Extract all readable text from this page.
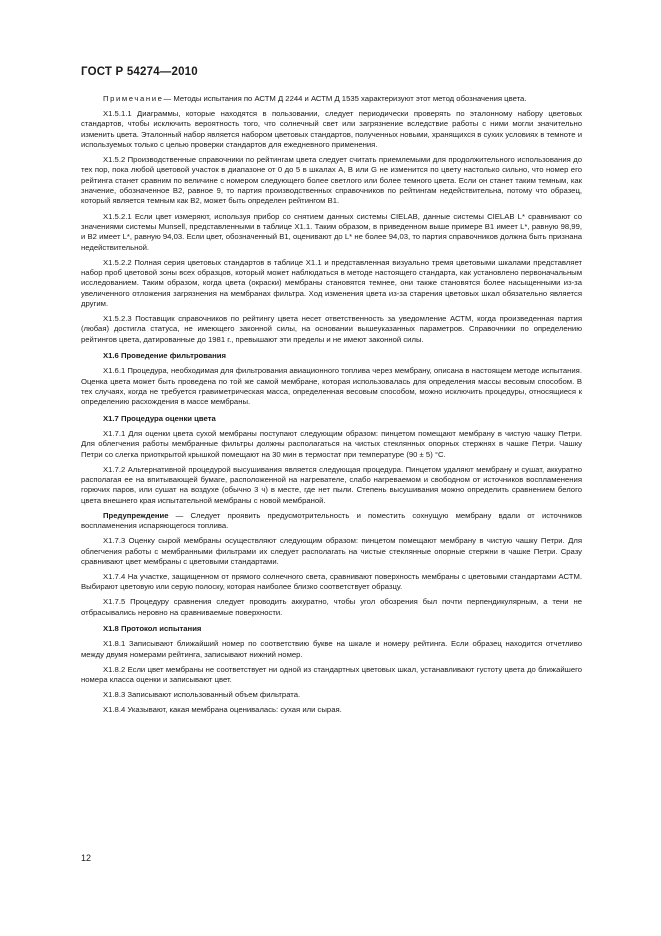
ГОСТ Р 54274—2010

Примечание— Методы испытания по АСТМ Д 2244 и АСТМ Д 1535 характеризуют этот метод обозначения цвета.

Х1.5.1.1 Диаграммы, которые находятся в пользовании, следует периодически проверять по эталонному набору цветовых стандартов, чтобы исключить вероятность того, что солнечный свет или загрязнение вследствие работы с ними могли значительно изменить цвета. Эталонный набор является набором цветовых стандартов, полученных новыми, хранящихся в сухих условиях в темноте и используемых только с целью проверки стандартов для ежедневного применения.

Х1.5.2 Производственные справочники по рейтингам цвета следует считать приемлемыми для продолжительного использования до тех пор, пока любой цветовой участок в диапазоне от 0 до 5 в шкалах А, В или G не изменится по цвету настолько сильно, что номер его рейтинга станет сравним по величине с номером следующего более светлого или более темного цвета. Если он станет таким темным, как значение, обозначенное В2, равное 9, то партия производственных справочников по рейтингам недействительна, потому что образец, который является темным как В2, может быть определен рейтингом В1.

Х1.5.2.1 Если цвет измеряют, используя прибор со снятием данных системы CIELAB, данные системы CIELAB L* сравнивают со значениями системы Munsell, представленными в таблице Х1.1. Таким образом, в приведенном выше примере В1 имеет L*, равную 98,99, и В2 имеет L*, равную 94,03. Если цвет, обозначенный В1, оценивают до L* не более 94,03, то партия справочников должна быть признана недействительной.

Х1.5.2.2 Полная серия цветовых стандартов в таблице Х1.1 и представленная визуально тремя цветовыми шкалами представляет набор проб цветовой зоны всех образцов, который может наблюдаться в методе настоящего стандарта, как установлено первоначальным исследованием. Таким образом, когда цвета (окраски) мембраны становятся темнее, они также становятся более насыщенными из-за увеличенного отложения загрязнения на мембранах фильтра. Ход изменения цвета из-за старения цветовых шкал обязательно является другим.

Х1.5.2.3 Поставщик справочников по рейтингу цвета несет ответственность за уведомление АСТМ, когда произведенная партия (любая) достигла статуса, не имеющего законной силы, на основании вышеуказанных параметров. Справочники по определению рейтингов цвета, датированные до 1981 г., превышают эти пределы и не имеют законной силы.

Х1.6 Проведение фильтрования

Х1.6.1 Процедура, необходимая для фильтрования авиационного топлива через мембрану, описана в настоящем методе испытания. Оценка цвета может быть проведена по той же самой мембране, которая использовалась для определения массы весовым способом. В тех случаях, когда не требуется гравиметрическая масса, определенная весовым способом, можно исключить процедуры, относящиеся к определению расхождения в массе мембраны.

Х1.7 Процедура оценки цвета

Х1.7.1 Для оценки цвета сухой мембраны поступают следующим образом: пинцетом помещают мембрану в чистую чашку Петри. Для облегчения работы мембранные фильтры должны располагаться на чистых стеклянных опорных стержнях в чашке Петри. Чашку Петри со слегка приоткрытой крышкой помещают на 30 мин в термостат при температуре (90 ± 5) °С.

Х1.7.2 Альтернативной процедурой высушивания является следующая процедура. Пинцетом удаляют мембрану и сушат, аккуратно располагая ее на впитывающей бумаге, расположенной на нагревателе, слабо нагреваемом и свободном от источников воспламенения горючих паров, или сушат на воздухе (обычно 3 ч) в месте, где нет пыли. Степень высушивания можно определить сравнением белого цвета внешнего края испытательной мембраны с новой мембраной.

Предупреждение — Следует проявить предусмотрительность и поместить сохнущую мембрану вдали от источников воспламенения испаряющегося топлива.

Х1.7.3 Оценку сырой мембраны осуществляют следующим образом: пинцетом помещают мембрану в чистую чашку Петри. Для облегчения работы с мембранными фильтрами их следует располагать на чистые стеклянные опорные стержни в чашке Петри. Сразу сравнивают цвет мембраны с цветовыми стандартами.

Х1.7.4 На участке, защищенном от прямого солнечного света, сравнивают поверхность мембраны с цветовыми стандартами АСТМ. Выбирают цветовую или серую полоску, которая наиболее близко соответствует образцу.

Х1.7.5 Процедуру сравнения следует проводить аккуратно, чтобы угол обозрения был почти перпендикулярным, а тени не отбрасывались неровно на сравниваемые поверхности.

Х1.8 Протокол испытания

Х1.8.1 Записывают ближайший номер по соответствию букве на шкале и номеру рейтинга. Если образец находится отчетливо между двумя номерами рейтинга, записывают нижний номер.

Х1.8.2 Если цвет мембраны не соответствует ни одной из стандартных цветовых шкал, устанавливают густоту цвета до ближайшего номера класса оценки и записывают цвет.

Х1.8.3 Записывают использованный объем фильтрата.

Х1.8.4 Указывают, какая мембрана оценивалась: сухая или сырая.

12
